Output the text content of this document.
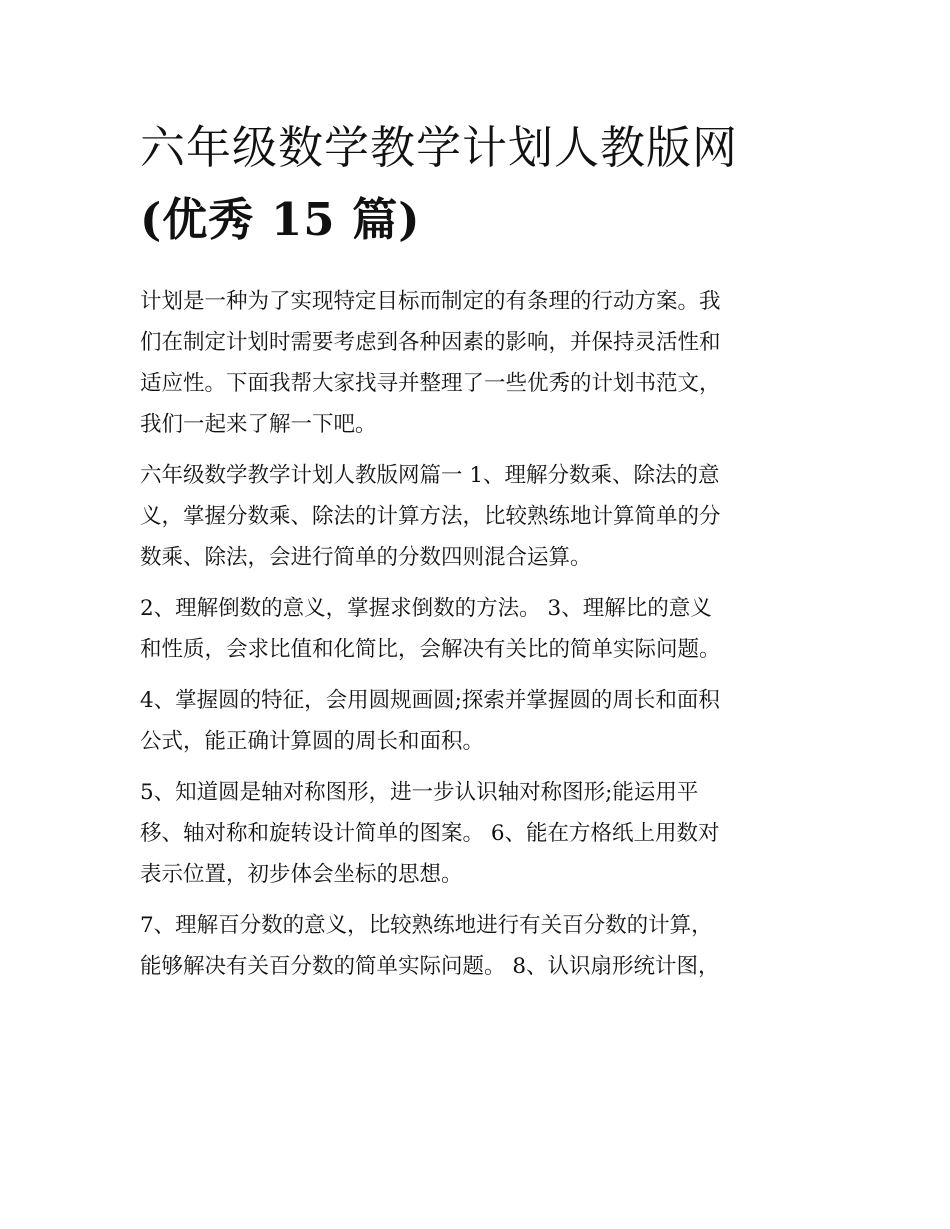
六年级数学教学计划人教版网
(优秀 15 篇)

计划是一种为了实现特定目标而制定的有条理的行动方案。我
们在制定计划时需要考虑到各种因素的影响，并保持灵活性和
适应性。下面我帮大家找寻并整理了一些优秀的计划书范文，
我们一起来了解一下吧。

六年级数学教学计划人教版网篇一 1、理解分数乘、除法的意
义，掌握分数乘、除法的计算方法，比较熟练地计算简单的分
数乘、除法，会进行简单的分数四则混合运算。

2、理解倒数的意义，掌握求倒数的方法。 3、理解比的意义
和性质，会求比值和化简比，会解决有关比的简单实际问题。

4、掌握圆的特征，会用圆规画圆;探索并掌握圆的周长和面积
公式，能正确计算圆的周长和面积。

5、知道圆是轴对称图形，进一步认识轴对称图形;能运用平
移、轴对称和旋转设计简单的图案。 6、能在方格纸上用数对
表示位置，初步体会坐标的思想。

7、理解百分数的意义，比较熟练地进行有关百分数的计算，
能够解决有关百分数的简单实际问题。 8、认识扇形统计图，
